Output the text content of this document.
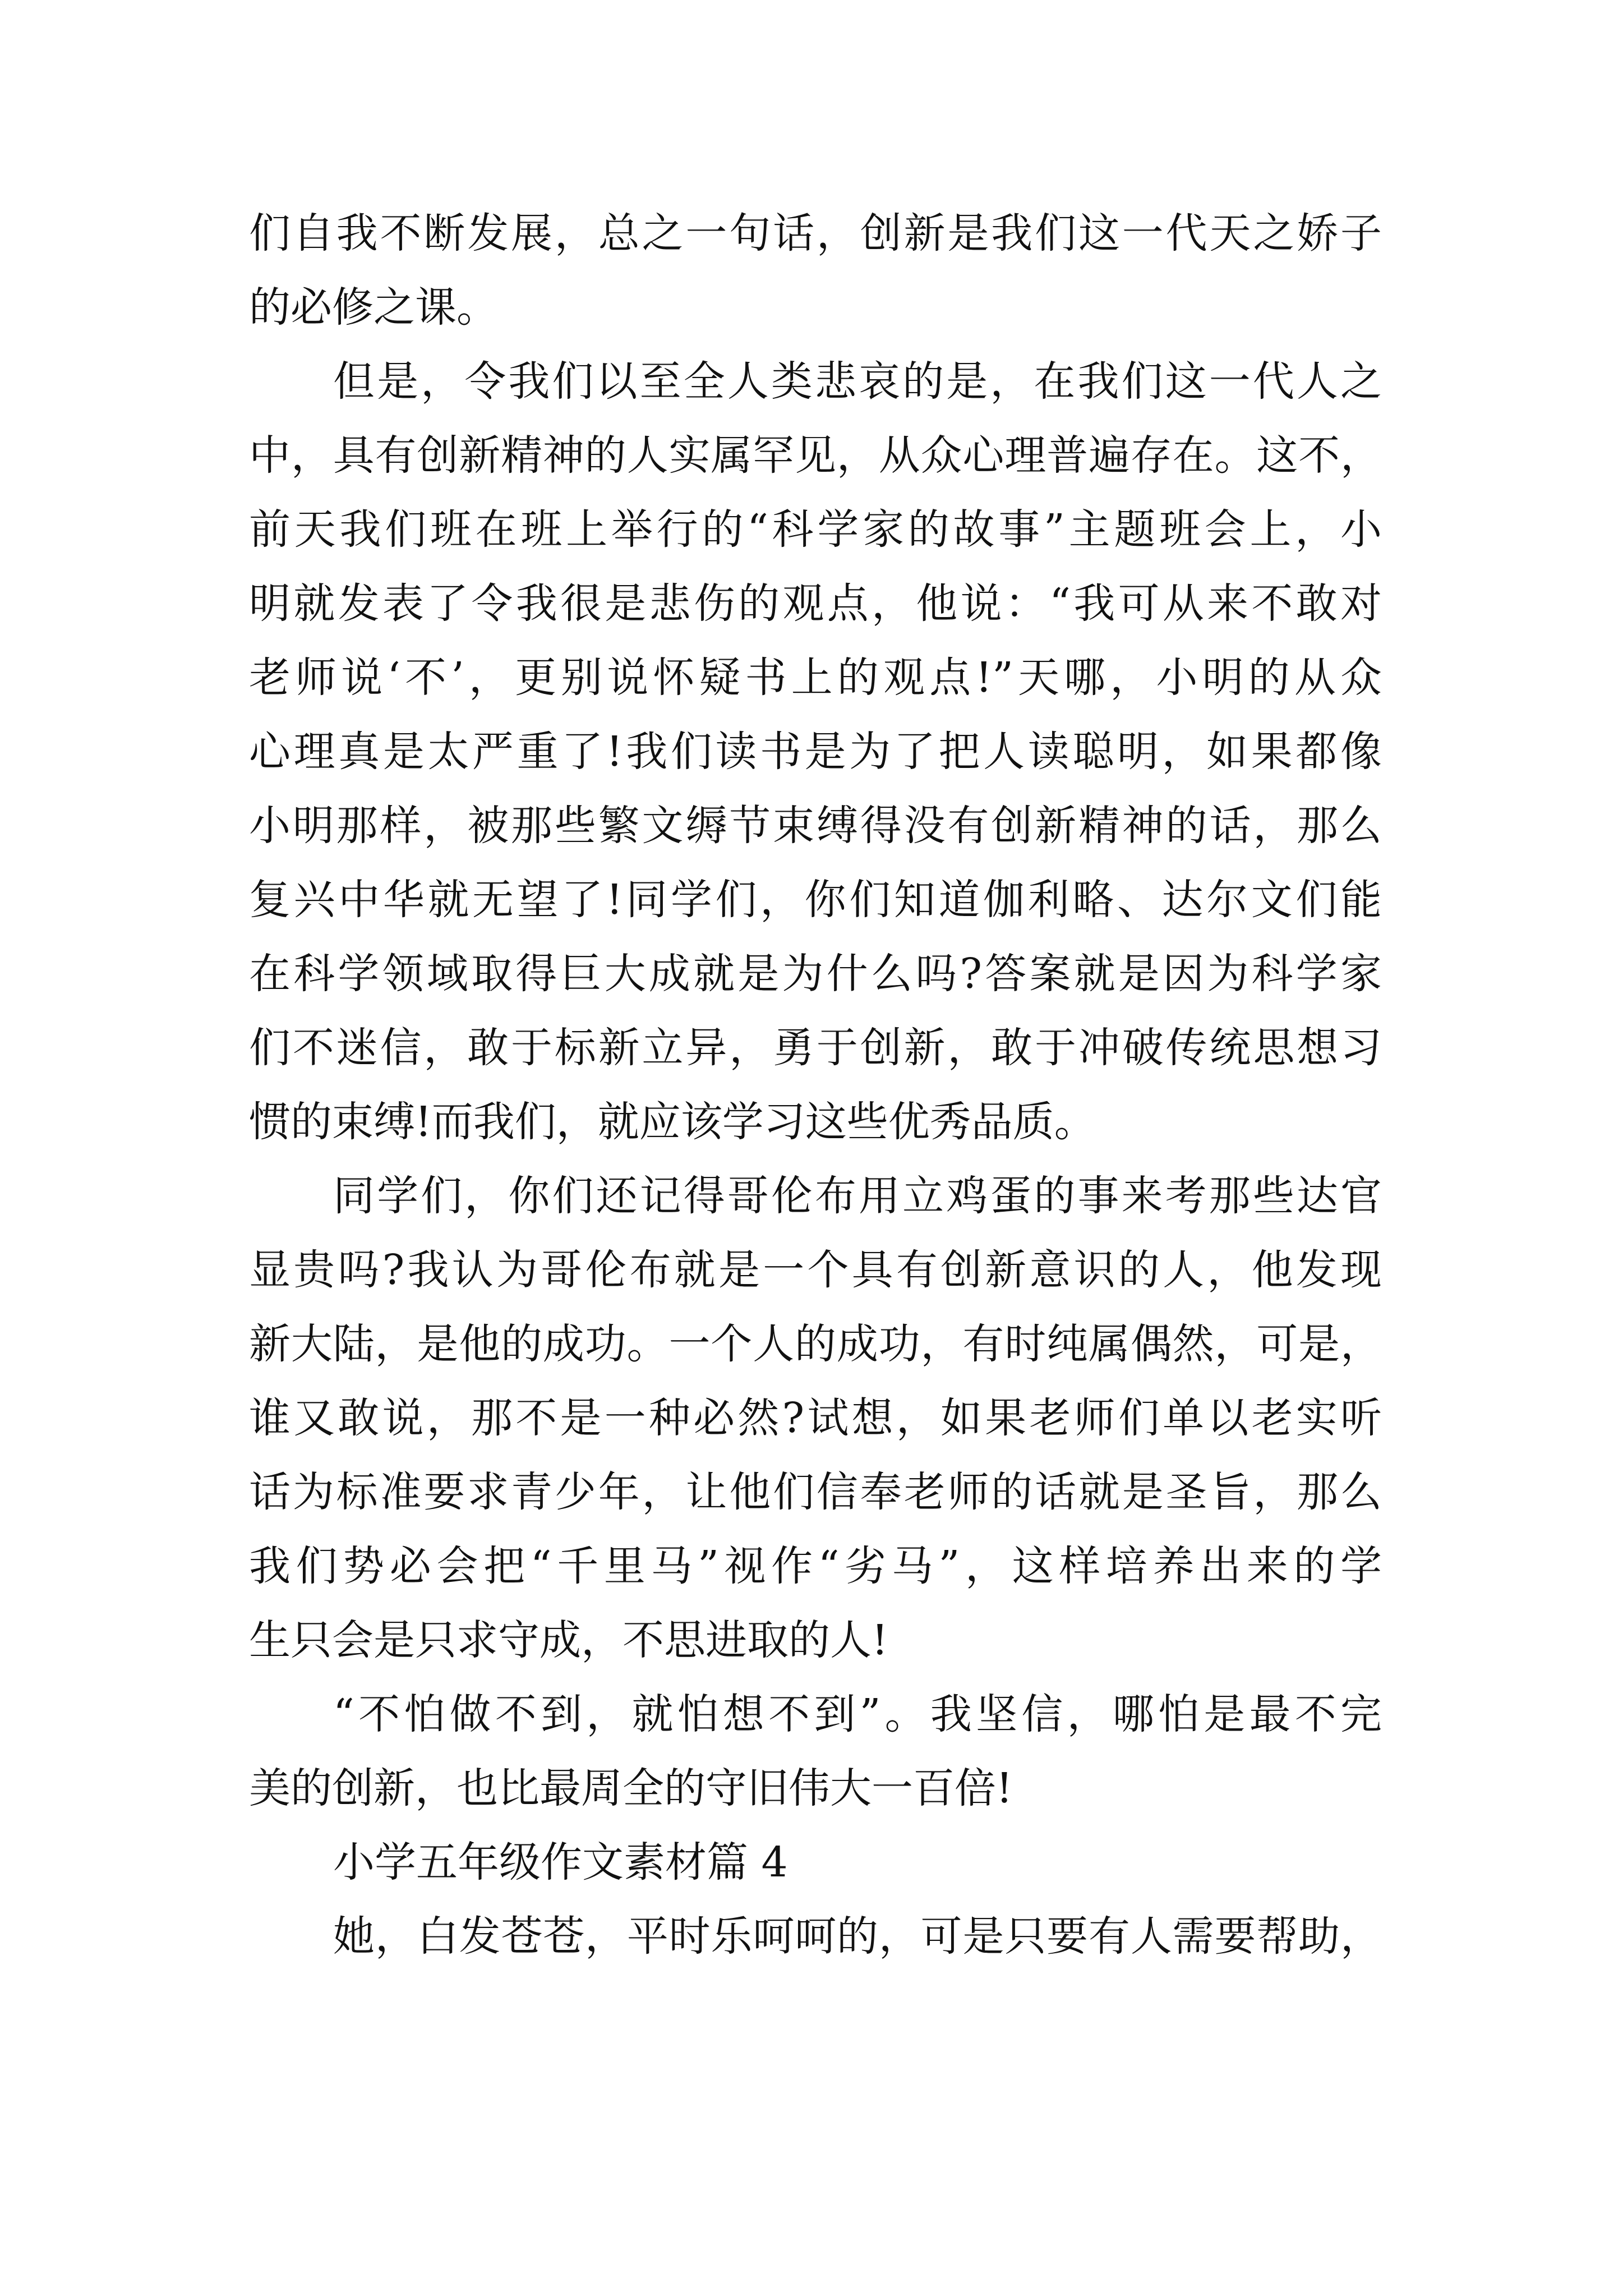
们自我不断发展，总之一句话，创新是我们这一代天之娇子
的必修之课。

但是，令我们以至全人类悲哀的是，在我们这一代人之
中，具有创新精神的人实属罕见，从众心理普遍存在。这不，
前天我们班在班上举行的“科学家的故事”主题班会上，小
明就发表了令我很是悲伤的观点，他说：“我可从来不敢对
老师说‘不’，更别说怀疑书上的观点!”天哪，小明的从众
心理真是太严重了!我们读书是为了把人读聪明，如果都像
小明那样，被那些繁文缛节束缚得没有创新精神的话，那么
复兴中华就无望了!同学们，你们知道伽利略、达尔文们能
在科学领域取得巨大成就是为什么吗?答案就是因为科学家
们不迷信，敢于标新立异，勇于创新，敢于冲破传统思想习
惯的束缚!而我们，就应该学习这些优秀品质。

同学们，你们还记得哥伦布用立鸡蛋的事来考那些达官
显贵吗?我认为哥伦布就是一个具有创新意识的人，他发现
新大陆，是他的成功。一个人的成功，有时纯属偶然，可是，
谁又敢说，那不是一种必然?试想，如果老师们单以老实听
话为标准要求青少年，让他们信奉老师的话就是圣旨，那么
我们势必会把“千里马”视作“劣马”，这样培养出来的学
生只会是只求守成，不思进取的人!

“不怕做不到，就怕想不到”。我坚信，哪怕是最不完
美的创新，也比最周全的守旧伟大一百倍!

小学五年级作文素材篇 4

她，白发苍苍，平时乐呵呵的，可是只要有人需要帮助，
